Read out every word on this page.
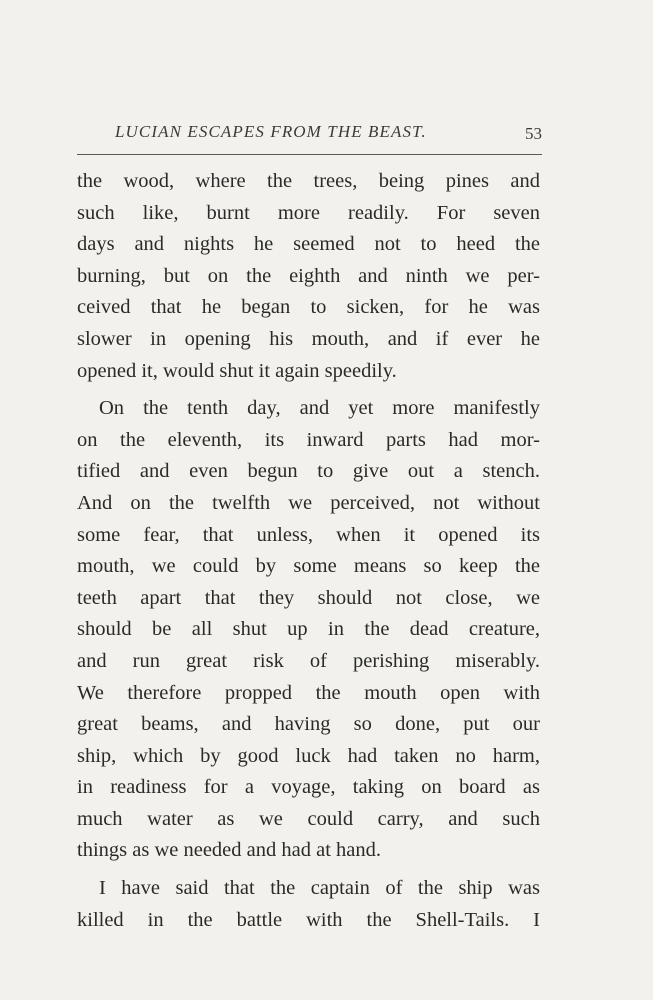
LUCIAN ESCAPES FROM THE BEAST.	53
the wood, where the trees, being pines and
such like, burnt more readily. For seven
days and nights he seemed not to heed the
burning, but on the eighth and ninth we per-
ceived that he began to sicken, for he was
slower in opening his mouth, and if ever he
opened it, would shut it again speedily.
On the tenth day, and yet more manifestly
on the eleventh, its inward parts had mor-
tified and even begun to give out a stench.
And on the twelfth we perceived, not without
some fear, that unless, when it opened its
mouth, we could by some means so keep the
teeth apart that they should not close, we
should be all shut up in the dead creature,
and run great risk of perishing miserably.
We therefore propped the mouth open with
great beams, and having so done, put our
ship, which by good luck had taken no harm,
in readiness for a voyage, taking on board as
much water as we could carry, and such
things as we needed and had at hand.
I have said that the captain of the ship was
killed in the battle with the Shell-Tails. I
